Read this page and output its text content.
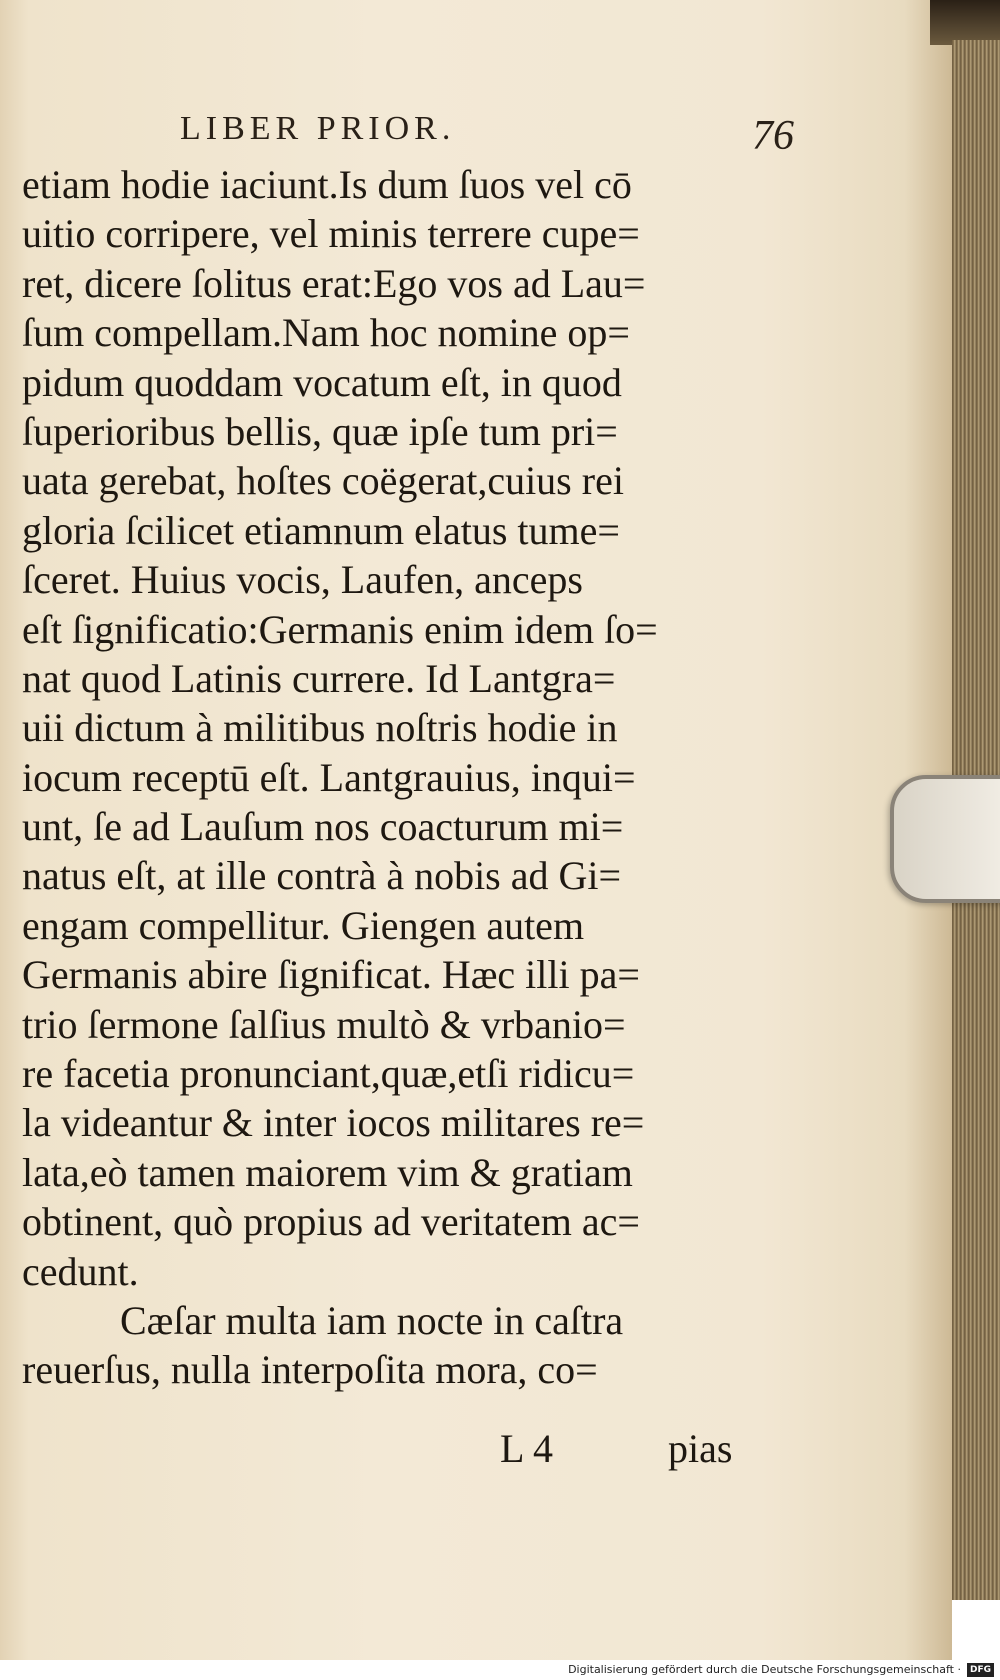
LIBER PRIOR.	76
etiam hodie iaciunt.Is dum ſuos vel cō
uitio corripere, vel minis terrere cupe=
ret, dicere ſolitus erat:Ego vos ad Lau=
ſum compellam.Nam hoc nomine op=
pidum quoddam vocatum eſt, in quod
ſuperioribus bellis, quæ ipſe tum pri=
uata gerebat, hoſtes coëgerat,cuius rei
gloria ſcilicet etiamnum elatus tume=
ſceret. Huius vocis, Laufen, anceps
eſt ſignificatio:Germanis enim idem ſo=
nat quod Latinis currere. Id Lantgra=
uii dictum à militibus noſtris hodie in
iocum receptū eſt. Lantgrauius, inqui=
unt, ſe ad Lauſum nos coacturum mi=
natus eſt, at ille contrà à nobis ad Gi=
engam compellitur. Giengen autem
Germanis abire ſignificat. Hæc illi pa=
trio ſermone ſalſius multò & vrbanio=
re facetia pronunciant,quæ,etſi ridicu=
la videantur & inter iocos militares re=
lata,eò tamen maiorem vim & gratiam
obtinent, quò propius ad veritatem ac=
cedunt.
Cæſar multa iam nocte in caſtra
reuerſus, nulla interpoſita mora, co=
L 4	pias
Digitalisierung gefördert durch die Deutsche Forschungsgemeinschaft · DFG
